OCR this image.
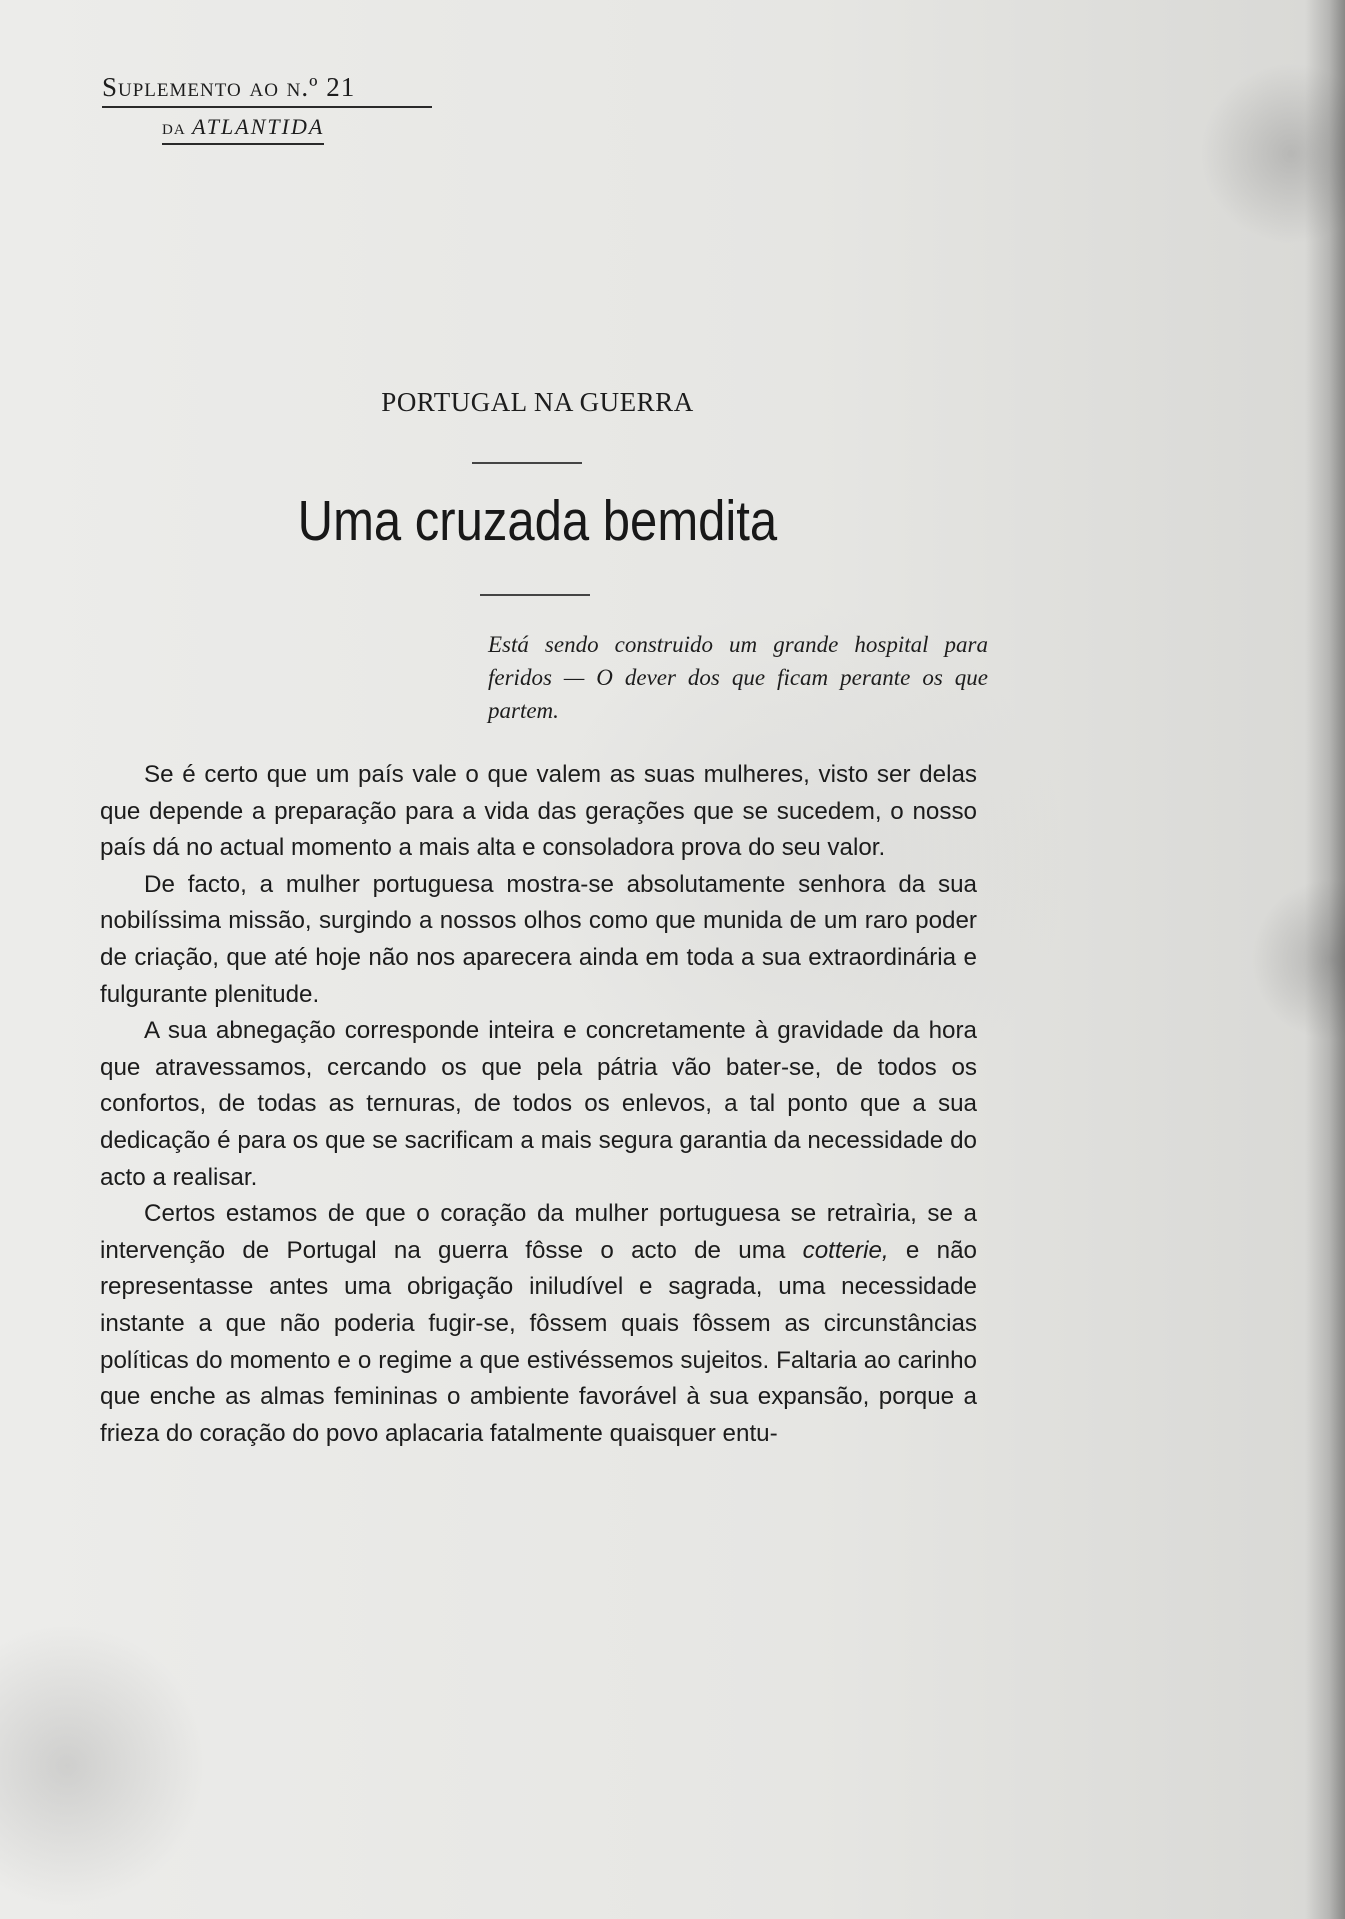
Suplemento ao n.º 21
da ATLANTIDA
PORTUGAL NA GUERRA
Uma cruzada bemdita
Está sendo construido um grande hospital para feridos — O dever dos que ficam perante os que partem.

Se é certo que um país vale o que valem as suas mulheres, visto ser delas que depende a preparação para a vida das gerações que se sucedem, o nosso país dá no actual momento a mais alta e consoladora prova do seu valor.

De facto, a mulher portuguesa mostra-se absolutamente senhora da sua nobilíssima missão, surgindo a nossos olhos como que munida de um raro poder de criação, que até hoje não nos aparecera ainda em toda a sua extraordinária e fulgurante plenitude.

A sua abnegação corresponde inteira e concretamente à gravidade da hora que atravessamos, cercando os que pela pátria vão bater-se, de todos os confortos, de todas as ternuras, de todos os enlevos, a tal ponto que a sua dedicação é para os que se sacrificam a mais segura garantia da necessidade do acto a realisar.

Certos estamos de que o coração da mulher portuguesa se retraìria, se a intervenção de Portugal na guerra fôsse o acto de uma cotterie, e não representasse antes uma obrigação iniludível e sagrada, uma necessidade instante a que não poderia fugir-se, fôssem quais fôssem as circunstâncias políticas do momento e o regime a que estivéssemos sujeitos. Faltaria ao carinho que enche as almas femininas o ambiente favorável à sua expansão, porque a frieza do coração do povo aplacaria fatalmente quaisquer entu-
